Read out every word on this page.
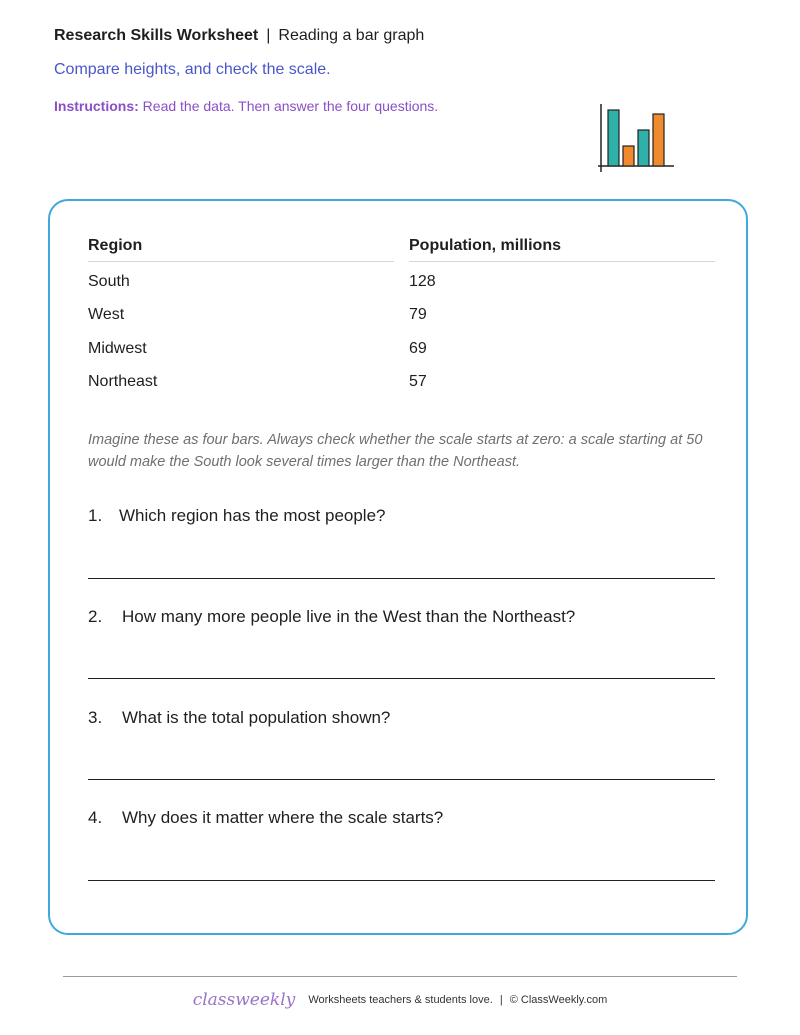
Research Skills Worksheet | Reading a bar graph
Compare heights, and check the scale.
Instructions: Read the data. Then answer the four questions.
Region		Population, millions
South		128
West		79
Midwest		69
Northeast		57
Imagine these as four bars. Always check whether the scale starts at zero: a scale starting at 50 would make the South look several times larger than the Northeast.
1. Which region has the most people?
2. How many more people live in the West than the Northeast?
3. What is the total population shown?
4. Why does it matter where the scale starts?
classweekly Worksheets teachers & students love. | © ClassWeekly.com
